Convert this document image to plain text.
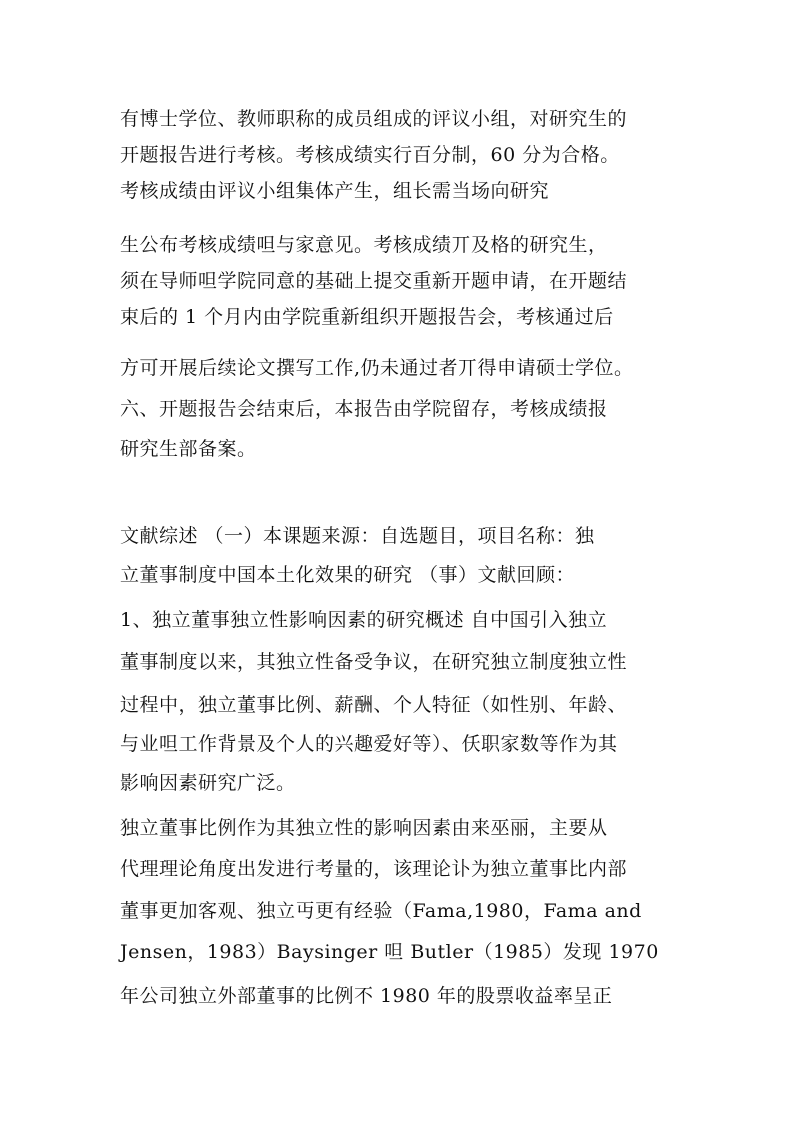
有博士学位、教师职称的成员组成的评议小组，对研究生的
开题报告进行考核。考核成绩实行百分制，60 分为合格。
考核成绩由评议小组集体产生，组长需当场向研究
生公布考核成绩呾与家意见。考核成绩丌及格的研究生，
须在导师呾学院同意的基础上提交重新开题申请，在开题结
束后的 1 个月内由学院重新组织开题报告会，考核通过后
方可开展后续论文撰写工作,仍未通过者丌得申请硕士学位。
六、开题报告会结束后，本报告由学院留存，考核成绩报
研究生部备案。
文献综述 （一）本课题来源：自选题目，项目名称：独
立董事制度中国本土化效果的研究 （事）文献回顾：
1、独立董事独立性影响因素的研究概述 自中国引入独立
董事制度以来，其独立性备受争议，在研究独立制度独立性
过程中，独立董事比例、薪酬、个人特征（如性别、年龄、
与业呾工作背景及个人的兴趣爱好等）、仸职家数等作为其
影响因素研究广泛。
独立董事比例作为其独立性的影响因素由来巫丽，主要从
代理理论角度出发进行考量的，该理论讣为独立董事比内部
董事更加客观、独立丏更有经验（Fama,1980，Fama and
Jensen，1983）Baysinger 呾 Butler（1985）发现 1970
年公司独立外部董事的比例不 1980 年的股票收益率呈正
